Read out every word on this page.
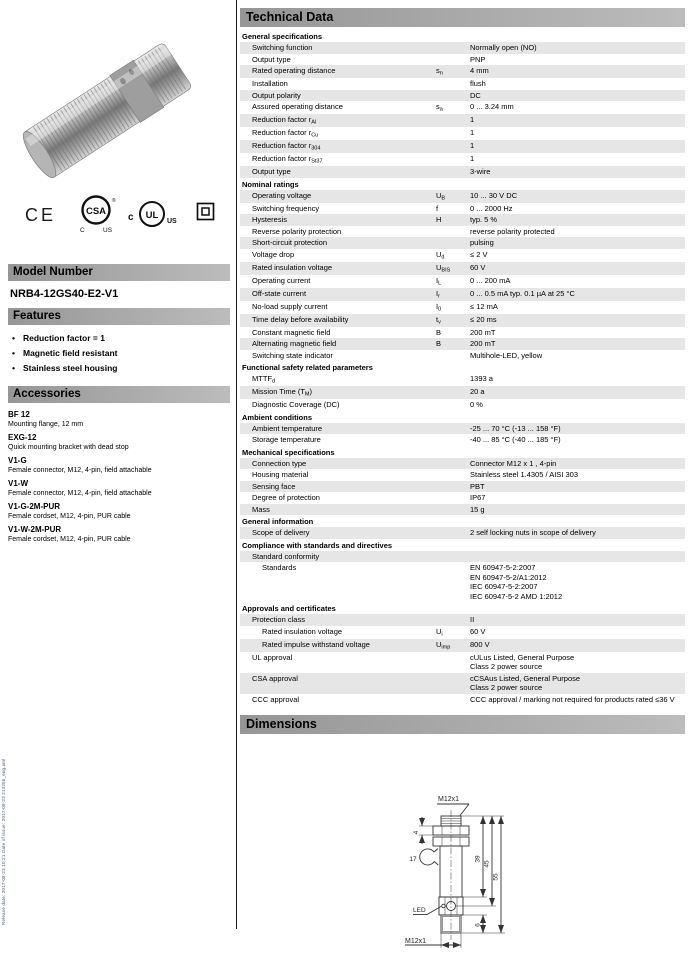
Release date: 2017-08-23 10:21 Date of issue: 2017-08-23 213256_eng.xml
CE	CSA
®
C	US
c UL
US
Model Number
NRB4-12GS40-E2-V1
Features
• Reduction factor = 1
• Magnetic field resistant
• Stainless steel housing
Accessories
BF 12
Mounting flange, 12 mm
EXG-12
Quick mounting bracket with dead stop
V1-G
Female connector, M12, 4-pin, field attachable
V1-W
Female connector, M12, 4-pin, field attachable
V1-G-2M-PUR
Female cordset, M12, 4-pin, PUR cable
V1-W-2M-PUR
Female cordset, M12, 4-pin, PUR cable
Technical Data
General specifications
Switching function	Normally open (NO)
Output type	PNP
Rated operating distance	$s_n$	4 mm
Installation	flush
Output polarity	DC
Assured operating distance	$s_a$	0 ... 3.24 mm
Reduction factor $r_{Al}$	1
Reduction factor $r_{Cu}$	1
Reduction factor $r_{304}$	1
Reduction factor $r_{St37}$	1
Output type	3-wire
Nominal ratings
Operating voltage	$U_B$	10 ... 30 V DC
Switching frequency	f	0 ... 2000 Hz
Hysteresis	H	typ. 5 %
Reverse polarity protection	reverse polarity protected
Short-circuit protection	pulsing
Voltage drop	$U_d$	≤ 2 V
Rated insulation voltage	$U_{BIS}$	60 V
Operating current	$I_L$	0 ... 200 mA
Off-state current	$I_r$	0 ... 0.5 mA typ. 0.1 µA at 25 °C
No-load supply current	$I_0$	≤ 12 mA
Time delay before availability	$t_v$	≤ 20 ms
Constant magnetic field	B	200 mT
Alternating magnetic field	B	200 mT
Switching state indicator	Multihole-LED, yellow
Functional safety related parameters
$MTTF_d$	1393 a
Mission Time $(T_M)$	20 a
Diagnostic Coverage (DC)	0 %
Ambient conditions
Ambient temperature	-25 ... 70 °C (-13 ... 158 °F)
Storage temperature	-40 ... 85 °C (-40 ... 185 °F)
Mechanical specifications
Connection type	Connector M12 x 1 , 4-pin
Housing material	Stainless steel 1.4305 / AISI 303
Sensing face	PBT
Degree of protection	IP67
Mass	15 g
General information
Scope of delivery	2 self locking nuts in scope of delivery
Compliance with standards and directives
Standard conformity
Standards	EN 60947-5-2:2007
EN 60947-5-2/A1:2012
IEC 60947-5-2:2007
IEC 60947-5-2 AMD 1:2012
Approvals and certificates
Protection class	II
Rated insulation voltage	$U_i$	60 V
Rated impulse withstand voltage	$U_{imp}$	800 V
UL approval	cULus Listed, General Purpose
Class 2 power source
CSA approval	cCSAus Listed, General Purpose
Class 2 power source
CCC approval	CCC approval / marking not required for products rated ≤36 V
Dimensions
M12x1
4
17	39
45
55
6
LED
M12x1
